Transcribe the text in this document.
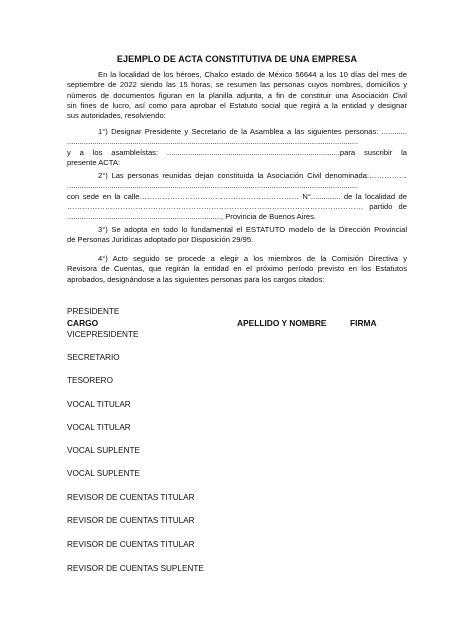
EJEMPLO DE ACTA CONSTITUTIVA DE UNA EMPRESA
En la localidad de los héroes, Chalco estado de México 56644 a los 10 días del mes de
septiembre de 2022 siendo las 15 horas, se resumen las personas cuyos nombres, domicilios y
números de documentos figuran en la planilla adjunta, a fin de constituir una Asociación Civil
sin fines de lucro, así como para aprobar el Estatuto social que regirá a la entidad y designar
sus autoridades, resolviendo:
1°) Designar Presidente y Secretario de la Asamblea a las siguientes personas: ............
..........................................................................................................................................
y a los asambleístas: ..................................................................................para suscribir la
presente ACTA:
2°) Las personas reunidas dejan constituida la Asociación Civil denominada:……………
..........................................................................................................................................
con sede en la calle……………………………………………………… N°.............. de la localidad de
……………………………………………………………………………………………………… partido de
........................................................................., Provincia de Buenos Aires.
3°) Se adopta en todo lo fundamental el ESTATUTO modelo de la Dirección Provincial
de Personas Jurídicas adoptado por Disposición 29/95.
4°) Acto seguido se procede a elegir a los miembros de la Comisión Directiva y
Revisora de Cuentas, que regirán la entidad en el próximo período previsto en los Estatutos
aprobados, designándose a las siguientes personas para los cargos citados:
CARGO	APELLIDO Y NOMBRE	FIRMA
PRESIDENTE
VICEPRESIDENTE
SECRETARIO
TESORERO
VOCAL TITULAR
VOCAL TITULAR
VOCAL SUPLENTE
VOCAL SUPLENTE
REVISOR DE CUENTAS TITULAR
REVISOR DE CUENTAS TITULAR
REVISOR DE CUENTAS TITULAR
REVISOR DE CUENTAS SUPLENTE
